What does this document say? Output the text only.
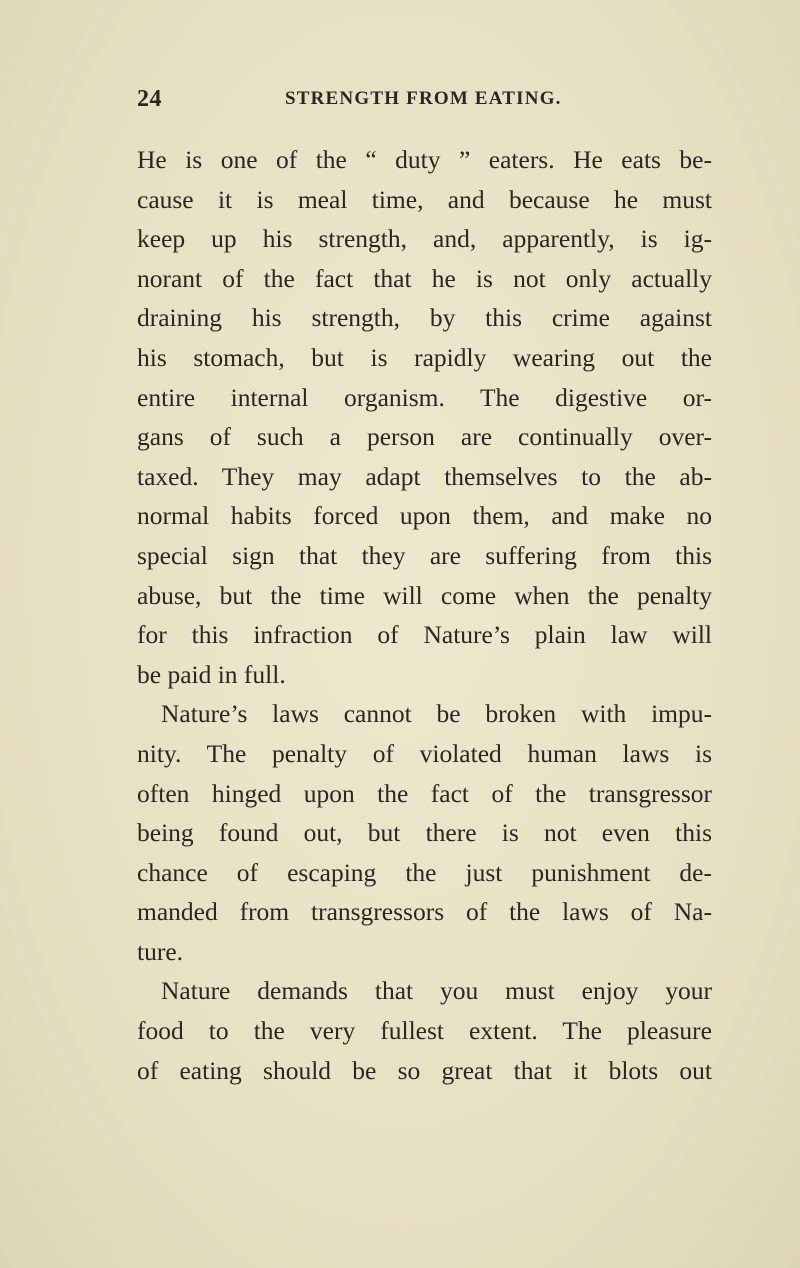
24	STRENGTH FROM EATING.
He is one of the “ duty ” eaters. He eats be-
cause it is meal time, and because he must
keep up his strength, and, apparently, is ig-
norant of the fact that he is not only actually
draining his strength, by this crime against
his stomach, but is rapidly wearing out the
entire internal organism. The digestive or-
gans of such a person are continually over-
taxed. They may adapt themselves to the ab-
normal habits forced upon them, and make no
special sign that they are suffering from this
abuse, but the time will come when the penalty
for this infraction of Nature’s plain law will
be paid in full.
Nature’s laws cannot be broken with impu-
nity. The penalty of violated human laws is
often hinged upon the fact of the transgressor
being found out, but there is not even this
chance of escaping the just punishment de-
manded from transgressors of the laws of Na-
ture.
Nature demands that you must enjoy your
food to the very fullest extent. The pleasure
of eating should be so great that it blots out
